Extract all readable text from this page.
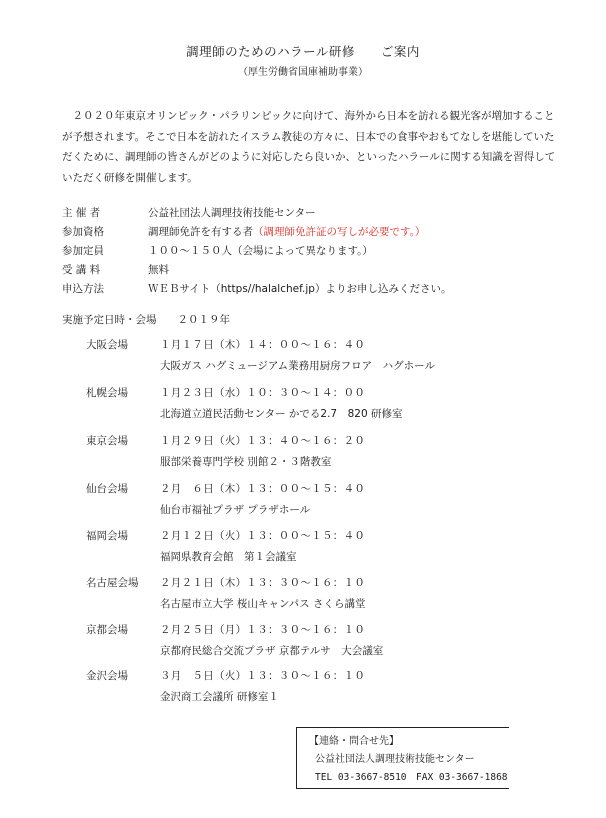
調理師のためのハラール研修　　ご案内
（厚生労働省国庫補助事業）
　２０２０年東京オリンピック・パラリンピックに向けて、海外から日本を訪れる観光客が増加することが予想されます。そこで日本を訪れたイスラム教徒の方々に、日本での食事やおもてなしを堪能していただくために、調理師の皆さんがどのように対応したら良いか、といったハラールに関する知識を習得していただく研修を開催します。
主 催 者	公益社団法人調理技術技能センター
参加資格	調理師免許を有する者（調理師免許証の写しが必要です。）
参加定員	１００～１５０人（会場によって異なります。）
受 講 料	無料
申込方法	ＷＥＢサイト（https//halalchef.jp）よりお申し込みください。
実施予定日時・会場　　２０１９年
大阪会場	１月１７日（木）１４：００～１６：４０
大阪ガス ハグミュージアム業務用厨房フロア　ハグホール
札幌会場	１月２３日（水）１０：３０～１４：００
北海道立道民活動センター かでる2.7　820 研修室
東京会場	１月２９日（火）１３：４０～１６：２０
服部栄養専門学校 別館２・３階教室
仙台会場	２月　６日（木）１３：００～１５：４０
仙台市福祉プラザ プラザホール
福岡会場	２月１２日（火）１３：００～１５：４０
福岡県教育会館　第１会議室
名古屋会場 ２月２１日（木）１３：３０～１６：１０
名古屋市立大学 桜山キャンパス さくら講堂
京都会場	２月２５日（月）１３：３０～１６：１０
京都府民総合交流プラザ 京都テルサ　大会議室
金沢会場	３月　５日（火）１３：３０～１６：１０
金沢商工会議所 研修室１
【連絡・問合せ先】
公益社団法人調理技術技能センター
TEL 03-3667-8510　FAX 03-3667-1868
